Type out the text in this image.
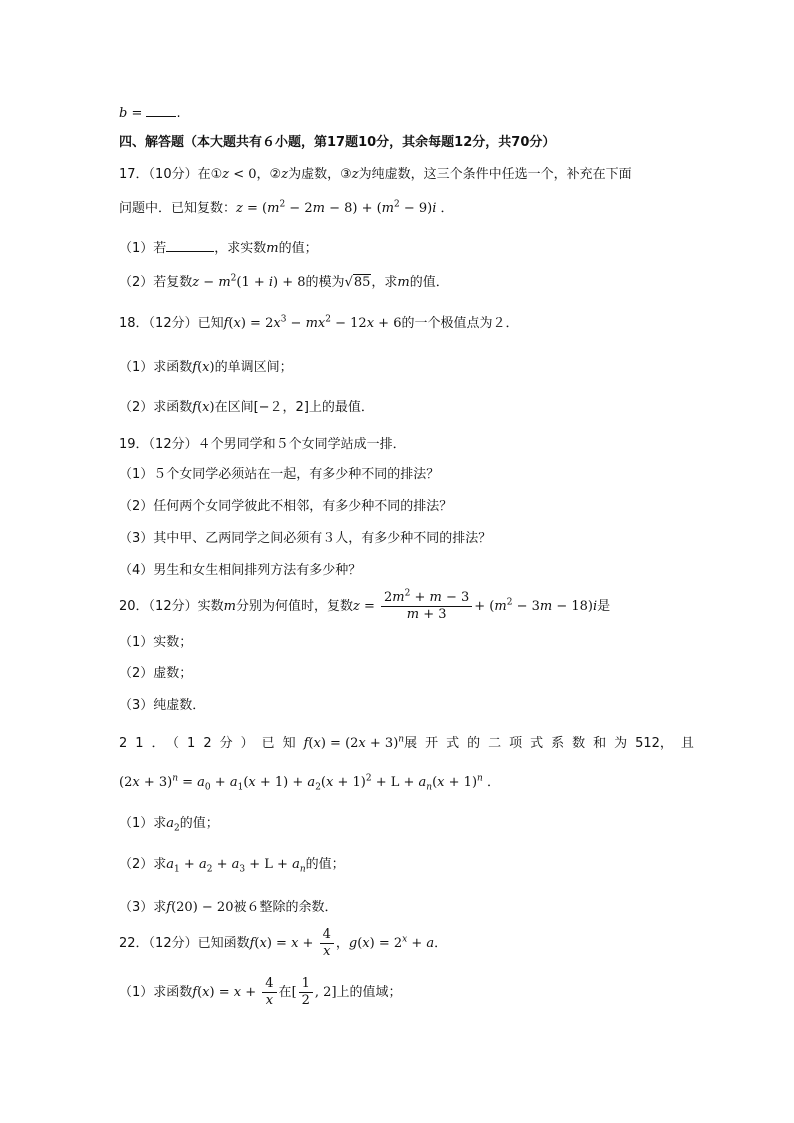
b = .
四、解答题（本大题共有６小题，第17题10分，其余每题12分，共70分）
17．（10分）在①z < 0，②z为虚数，③z为纯虚数，这三个条件中任选一个，补充在下面
问题中．已知复数：$z = (m^2 - 2m - 8) + (m^2 - 9)i$ ．
（1）若	，求实数m的值；
（2）若复数$z - m^2(1 + i) + 8$的模为√85，求m的值．
18．（12分）已知$f(x) = 2x^3 - mx^2 - 12x + 6$的一个极值点为２．
（1）求函数f(x)的单调区间；
（2）求函数f(x)在区间[−２，2]上的最值．
19．（12分）４个男同学和５个女同学站成一排．
（1）５个女同学必须站在一起，有多少种不同的排法？
（2）任何两个女同学彼此不相邻，有多少种不同的排法？
（3）其中甲、乙两同学之间必须有３人，有多少种不同的排法？
（4）男生和女生相间排列方法有多少种？
20．（12分）实数m分别为何值时，复数$z = \frac{2m^2 + m - 3}{m + 3} + (m^2 - 3m - 18)i$是
（1）实数；
（2）虚数；
（3）纯虚数．
21．（12分）已知$f(x) = (2x + 3)^n$展开式的二项式系数和为512，且
$(2x + 3)^n = a_0 + a_1(x + 1) + a_2(x + 1)^2 + L + a_n(x + 1)^n$ ．
（1）求$a_2$的值；
（2）求$a_1 + a_2 + a_3 + L + a_n$的值；
（3）求f(20) − 20被６整除的余数．
22．（12分）已知函数$f(x) = x + \frac{4}{x}$ ，$g(x) = 2^x + a$．
（1）求函数$f(x) = x + \frac{4}{x}$ 在[ $\frac{1}{2}$ , 2]上的值域；
